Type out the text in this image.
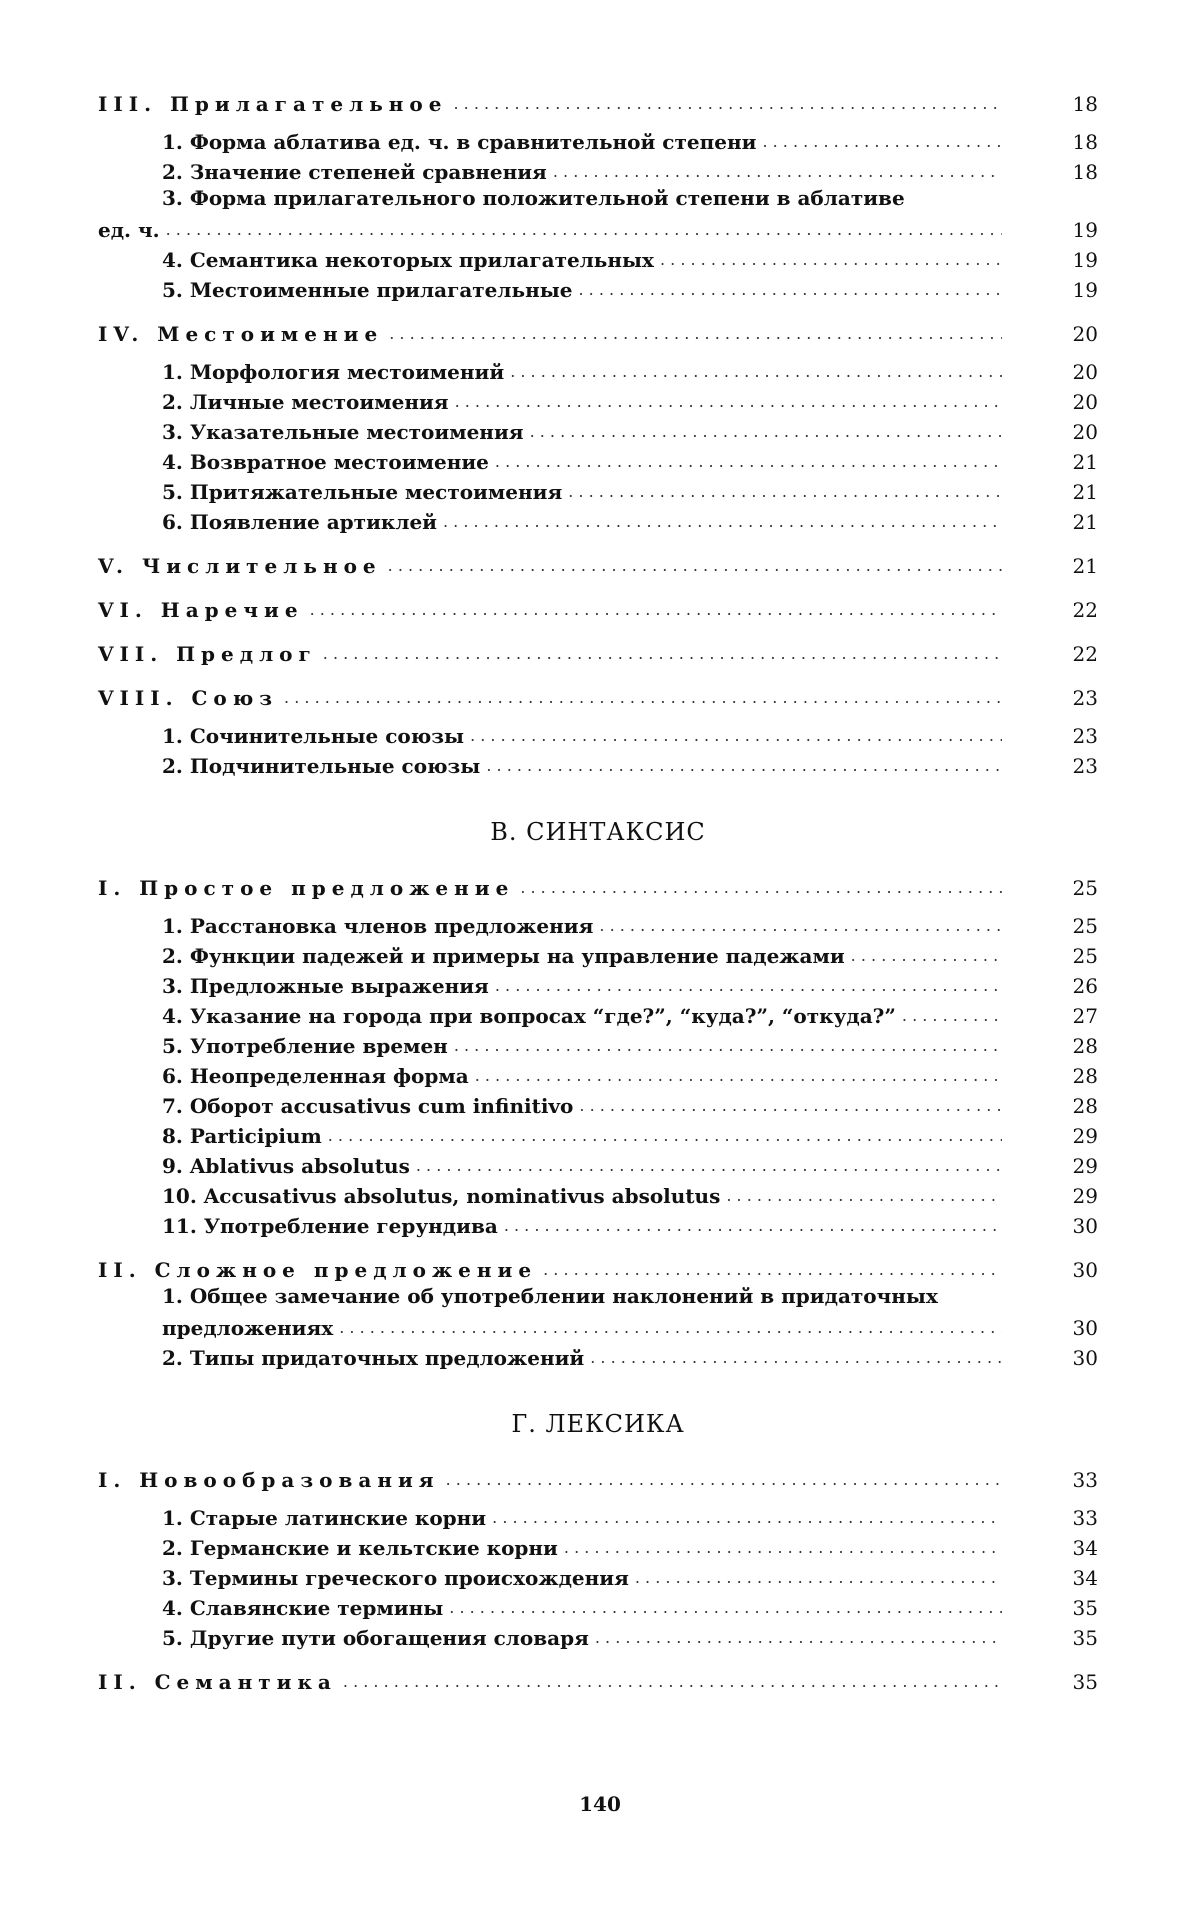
III. Прилагательное . . .	18
1. Форма аблатива ед. ч. в сравнительной степени . . .	18
2. Значение степеней сравнения . . .	18
3. Форма прилагательного положительной степени в аблативе
ед. ч. . . .	19
4. Семантика некоторых прилагательных . . .	19
5. Местоименные прилагательные . . .	19
IV. Местоимение . . .	20
1. Морфология местоимений . . .	20
2. Личные местоимения . . .	20
3. Указательные местоимения . . .	20
4. Возвратное местоимение . . .	21
5. Притяжательные местоимения . . .	21
6. Появление артиклей . . .	21
V. Числительное . . .	21
VI. Наречие . . .	22
VII. Предлог . . .	22
VIII. Союз . . .	23
1. Сочинительные союзы . . .	23
2. Подчинительные союзы . . .	23
В. СИНТАКСИС
I. Простое предложение . . .	25
1. Расстановка членов предложения . . .	25
2. Функции падежей и примеры на управление падежами . . .	25
3. Предложные выражения . . .	26
4. Указание на города при вопросах “где?”, “куда?”, “откуда?” . . .	27
5. Употребление времен . . .	28
6. Неопределенная форма . . .	28
7. Оборот accusativus cum infinitivo . . .	28
8. Participium . . .	29
9. Ablativus absolutus . . .	29
10. Accusativus absolutus, nominativus absolutus . . .	29
11. Употребление герундива . . .	30
II. Сложное предложение . . .	30
1. Общее замечание об употреблении наклонений в придаточных
предложениях . . .	30
2. Типы придаточных предложений . . .	30
Г. ЛЕКСИКА
I. Новообразования . . .	33
1. Старые латинские корни . . .	33
2. Германские и кельтские корни . . .	34
3. Термины греческого происхождения . . .	34
4. Славянские термины . . .	35
5. Другие пути обогащения словаря . . .	35
II. Семантика . . .	35
140
